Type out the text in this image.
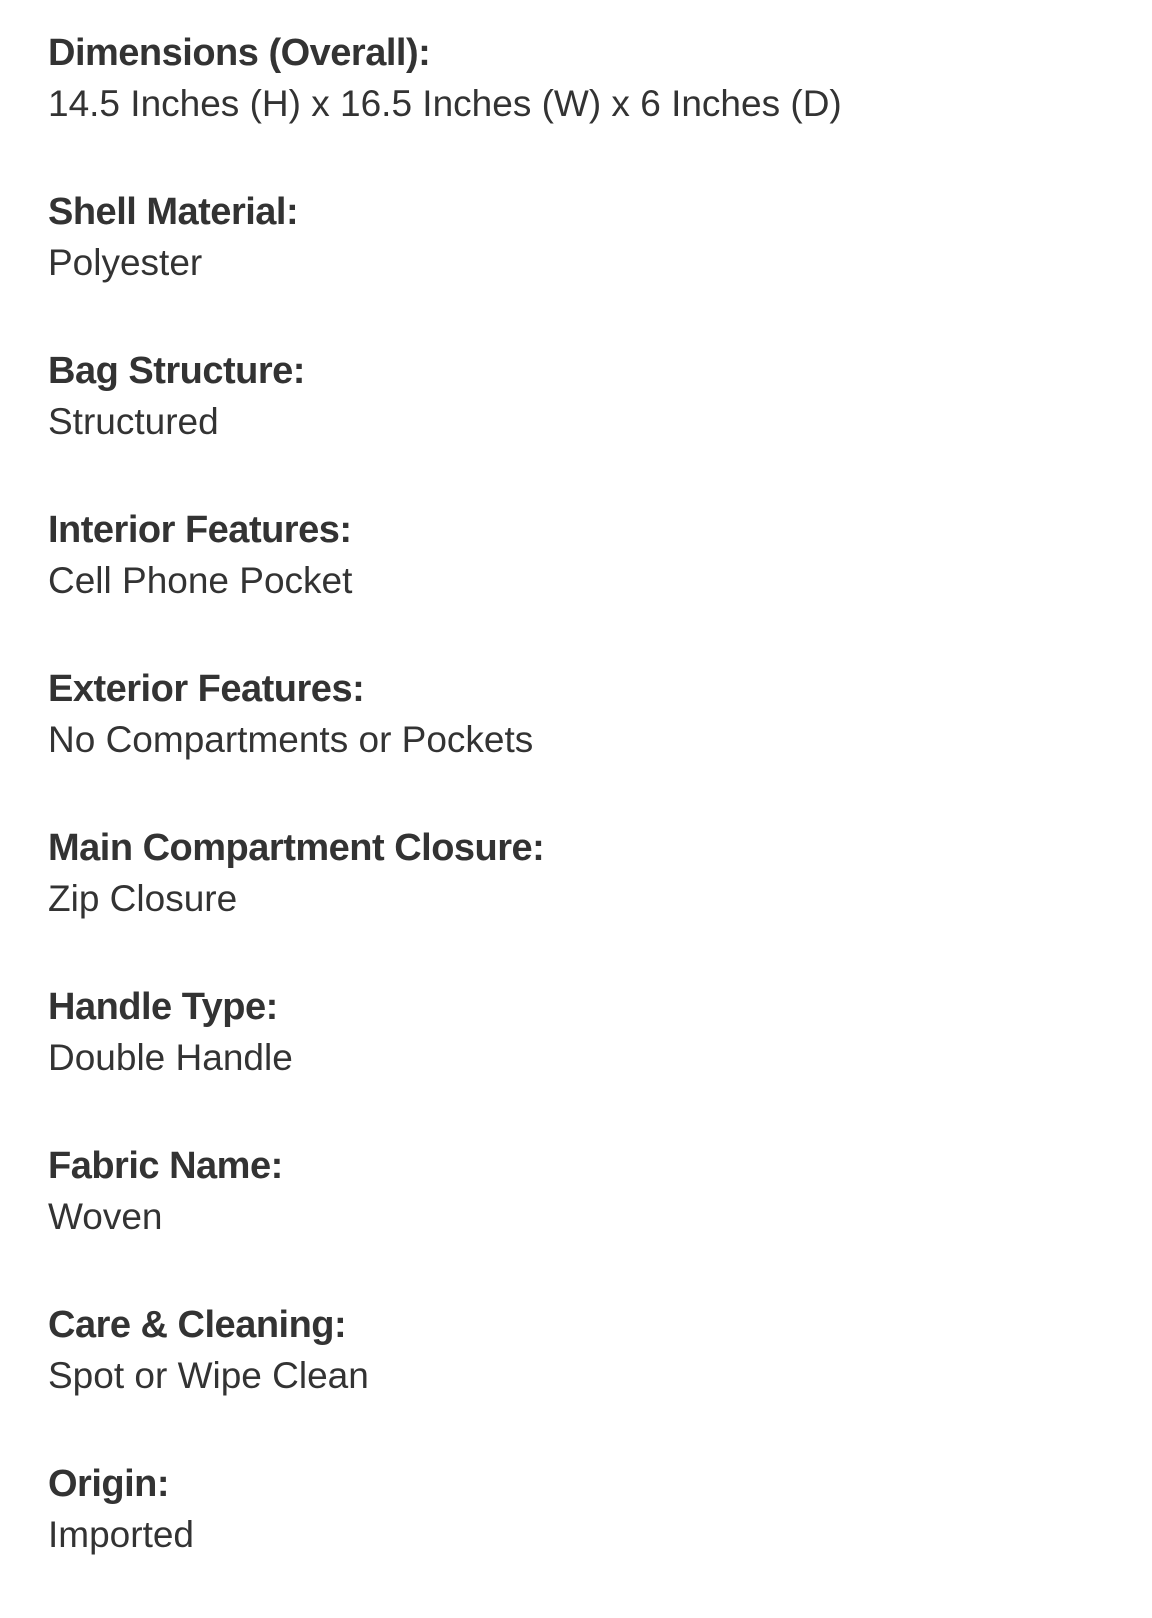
Dimensions (Overall):
14.5 Inches (H) x 16.5 Inches (W) x 6 Inches (D)
Shell Material:
Polyester
Bag Structure:
Structured
Interior Features:
Cell Phone Pocket
Exterior Features:
No Compartments or Pockets
Main Compartment Closure:
Zip Closure
Handle Type:
Double Handle
Fabric Name:
Woven
Care & Cleaning:
Spot or Wipe Clean
Origin:
Imported
